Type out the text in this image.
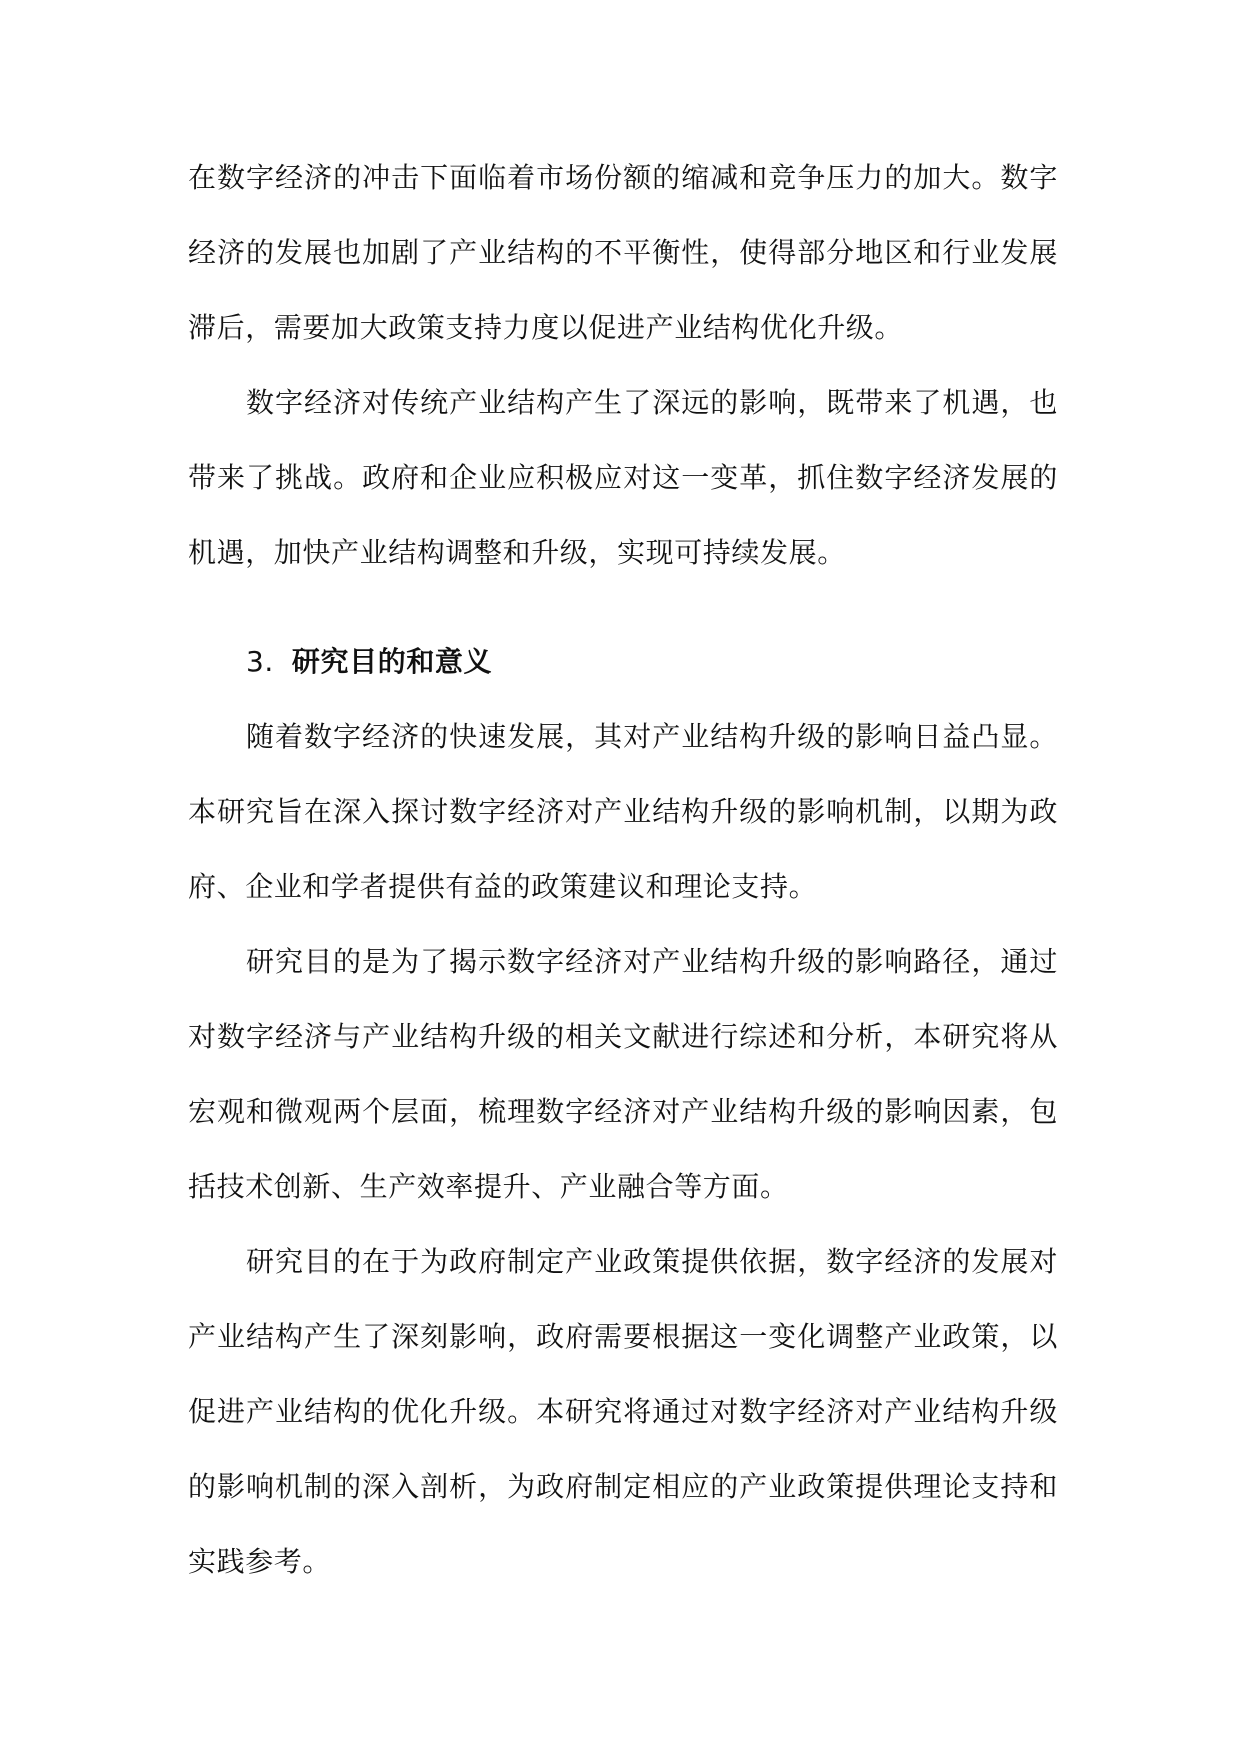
在数字经济的冲击下面临着市场份额的缩减和竞争压力的加大。数字经济的发展也加剧了产业结构的不平衡性，使得部分地区和行业发展滞后，需要加大政策支持力度以促进产业结构优化升级。

数字经济对传统产业结构产生了深远的影响，既带来了机遇，也带来了挑战。政府和企业应积极应对这一变革，抓住数字经济发展的机遇，加快产业结构调整和升级，实现可持续发展。

3. 研究目的和意义

随着数字经济的快速发展，其对产业结构升级的影响日益凸显。本研究旨在深入探讨数字经济对产业结构升级的影响机制，以期为政府、企业和学者提供有益的政策建议和理论支持。

研究目的是为了揭示数字经济对产业结构升级的影响路径，通过对数字经济与产业结构升级的相关文献进行综述和分析，本研究将从宏观和微观两个层面，梳理数字经济对产业结构升级的影响因素，包括技术创新、生产效率提升、产业融合等方面。

研究目的在于为政府制定产业政策提供依据，数字经济的发展对产业结构产生了深刻影响，政府需要根据这一变化调整产业政策，以促进产业结构的优化升级。本研究将通过对数字经济对产业结构升级的影响机制的深入剖析，为政府制定相应的产业政策提供理论支持和实践参考。
